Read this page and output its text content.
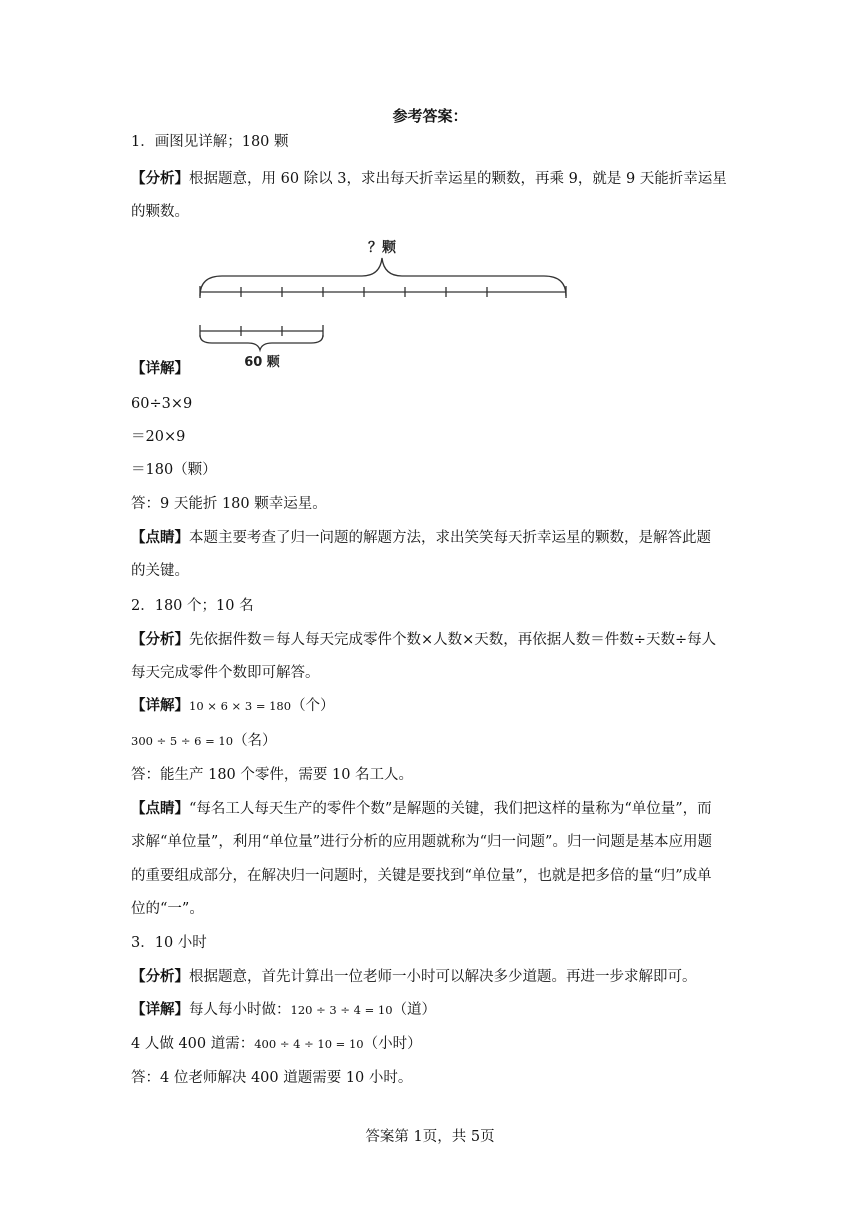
参考答案：
1．画图见详解；180 颗
【分析】根据题意，用 60 除以 3，求出每天折幸运星的颗数，再乘 9，就是 9 天能折幸运星
的颗数。
？颗
60 颗
【详解】
60÷3×9
＝20×9
＝180（颗）
答：9 天能折 180 颗幸运星。
【点睛】本题主要考查了归一问题的解题方法，求出笑笑每天折幸运星的颗数，是解答此题
的关键。
2．180 个；10 名
【分析】先依据件数＝每人每天完成零件个数×人数×天数，再依据人数＝件数÷天数÷每人
每天完成零件个数即可解答。
【详解】10 × 6 × 3 = 180（个）
300 ÷ 5 ÷ 6 = 10（名）
答：能生产 180 个零件，需要 10 名工人。
【点睛】“每名工人每天生产的零件个数”是解题的关键，我们把这样的量称为“单位量”，而
求解“单位量”，利用“单位量”进行分析的应用题就称为“归一问题”。归一问题是基本应用题
的重要组成部分，在解决归一问题时，关键是要找到“单位量”，也就是把多倍的量“归”成单
位的“一”。
3．10 小时
【分析】根据题意，首先计算出一位老师一小时可以解决多少道题。再进一步求解即可。
【详解】每人每小时做：120 ÷ 3 ÷ 4 = 10（道）
4 人做 400 道需：400 ÷ 4 ÷ 10 = 10（小时）
答：4 位老师解决 400 道题需要 10 小时。
答案第 1页，共 5页
